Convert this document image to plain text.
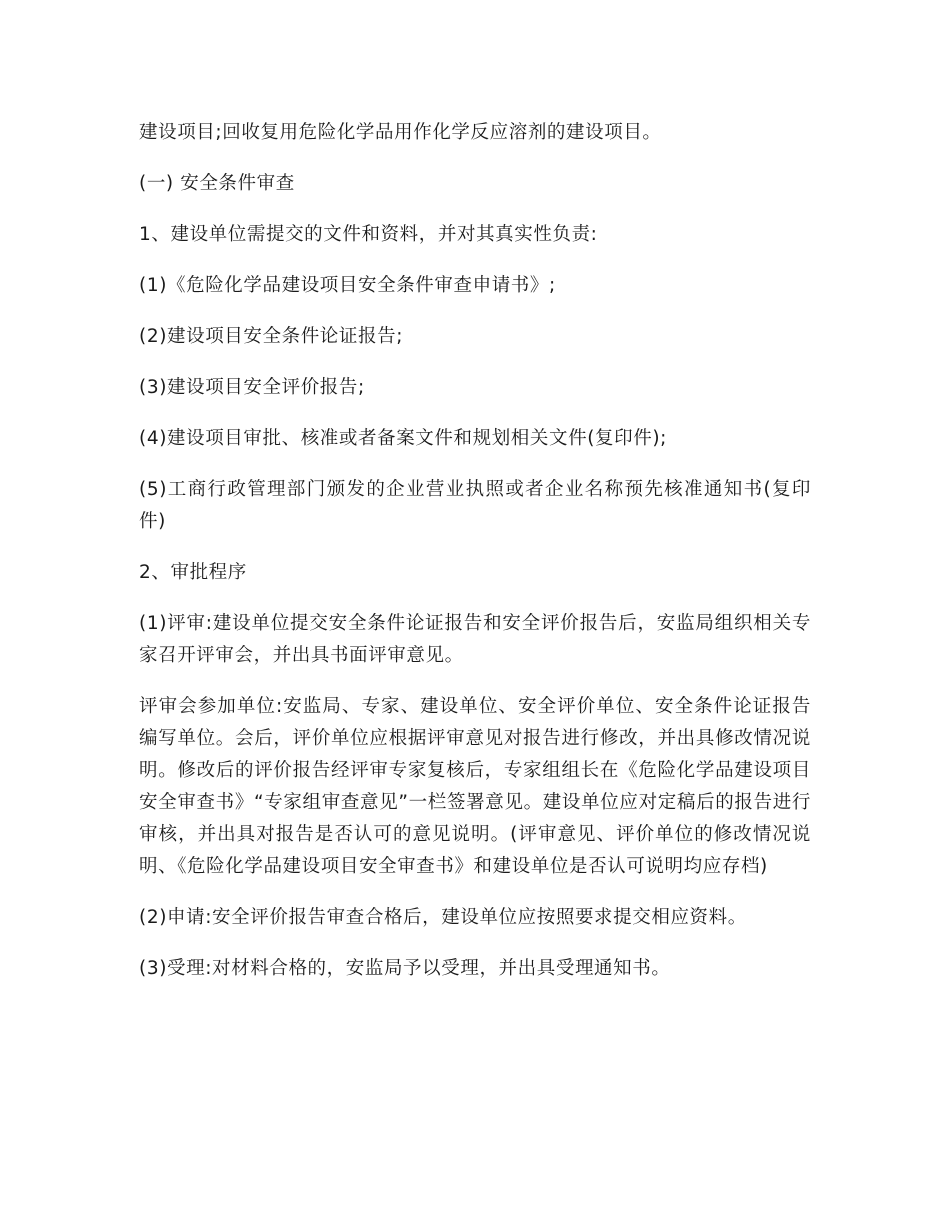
建设项目;回收复用危险化学品用作化学反应溶剂的建设项目。

(一) 安全条件审查

1、建设单位需提交的文件和资料，并对其真实性负责:

(1)《危险化学品建设项目安全条件审查申请书》;

(2)建设项目安全条件论证报告;

(3)建设项目安全评价报告;

(4)建设项目审批、核准或者备案文件和规划相关文件(复印件);

(5)工商行政管理部门颁发的企业营业执照或者企业名称预先核准通知书(复印件)

2、审批程序

(1)评审:建设单位提交安全条件论证报告和安全评价报告后，安监局组织相关专家召开评审会，并出具书面评审意见。

评审会参加单位:安监局、专家、建设单位、安全评价单位、安全条件论证报告编写单位。会后，评价单位应根据评审意见对报告进行修改，并出具修改情况说明。修改后的评价报告经评审专家复核后，专家组组长在《危险化学品建设项目安全审查书》“专家组审查意见”一栏签署意见。建设单位应对定稿后的报告进行审核，并出具对报告是否认可的意见说明。(评审意见、评价单位的修改情况说明、《危险化学品建设项目安全审查书》和建设单位是否认可说明均应存档)

(2)申请:安全评价报告审查合格后，建设单位应按照要求提交相应资料。

(3)受理:对材料合格的，安监局予以受理，并出具受理通知书。
